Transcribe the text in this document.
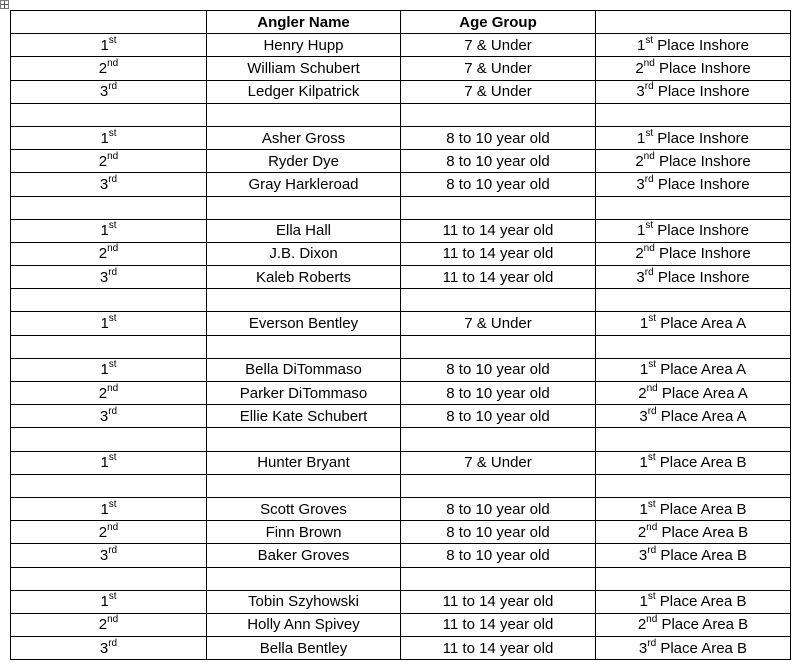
	Angler Name	Age Group	
1st	Henry Hupp	7 & Under	1st Place Inshore
2nd	William Schubert	7 & Under	2nd Place Inshore
3rd	Ledger Kilpatrick	7 & Under	3rd Place Inshore

1st	Asher Gross	8 to 10 year old	1st Place Inshore
2nd	Ryder Dye	8 to 10 year old	2nd Place Inshore
3rd	Gray Harkleroad	8 to 10 year old	3rd Place Inshore

1st	Ella Hall	11 to 14 year old	1st Place Inshore
2nd	J.B. Dixon	11 to 14 year old	2nd Place Inshore
3rd	Kaleb Roberts	11 to 14 year old	3rd Place Inshore

1st	Everson Bentley	7 & Under	1st Place Area A

1st	Bella DiTommaso	8 to 10 year old	1st Place Area A
2nd	Parker DiTommaso	8 to 10 year old	2nd Place Area A
3rd	Ellie Kate Schubert	8 to 10 year old	3rd Place Area A

1st	Hunter Bryant	7 & Under	1st Place Area B

1st	Scott Groves	8 to 10 year old	1st Place Area B
2nd	Finn Brown	8 to 10 year old	2nd Place Area B
3rd	Baker Groves	8 to 10 year old	3rd Place Area B

1st	Tobin Szyhowski	11 to 14 year old	1st Place Area B
2nd	Holly Ann Spivey	11 to 14 year old	2nd Place Area B
3rd	Bella Bentley	11 to 14 year old	3rd Place Area B
